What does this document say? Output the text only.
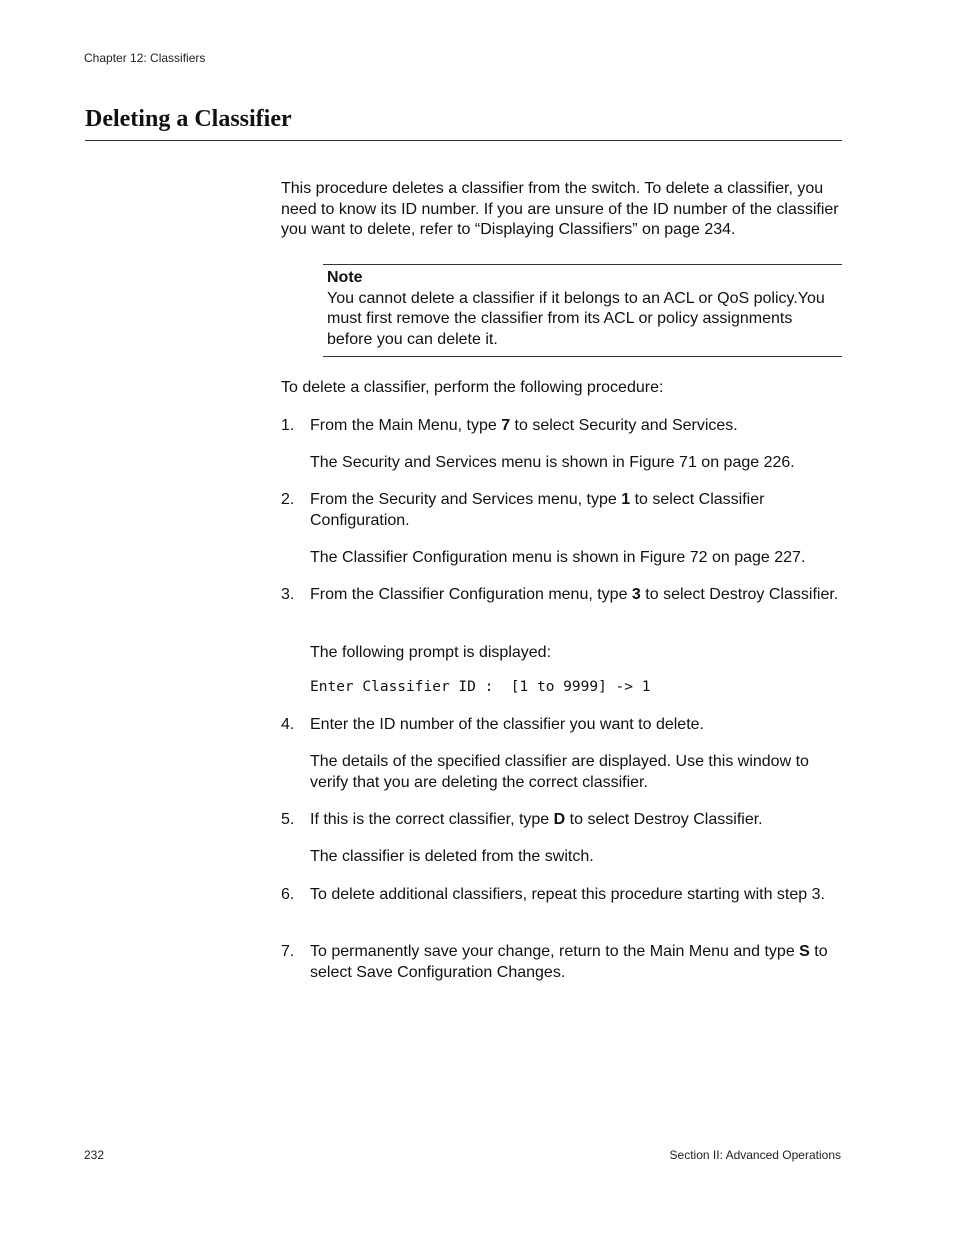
Chapter 12: Classifiers
Deleting a Classifier

This procedure deletes a classifier from the switch. To delete a classifier, you need to know its ID number. If you are unsure of the ID number of the classifier you want to delete, refer to “Displaying Classifiers” on page 234.

Note
You cannot delete a classifier if it belongs to an ACL or QoS policy.You must first remove the classifier from its ACL or policy assignments before you can delete it.
To delete a classifier, perform the following procedure:
1. From the Main Menu, type 7 to select Security and Services.
The Security and Services menu is shown in Figure 71 on page 226.
2. From the Security and Services menu, type 1 to select Classifier Configuration.
The Classifier Configuration menu is shown in Figure 72 on page 227.
3. From the Classifier Configuration menu, type 3 to select Destroy Classifier.
The following prompt is displayed:
Enter Classifier ID :  [1 to 9999] -> 1
4. Enter the ID number of the classifier you want to delete.
The details of the specified classifier are displayed. Use this window to verify that you are deleting the correct classifier.
5. If this is the correct classifier, type D to select Destroy Classifier.
The classifier is deleted from the switch.
6. To delete additional classifiers, repeat this procedure starting with step 3.
7. To permanently save your change, return to the Main Menu and type S to select Save Configuration Changes.
232	Section II: Advanced Operations
